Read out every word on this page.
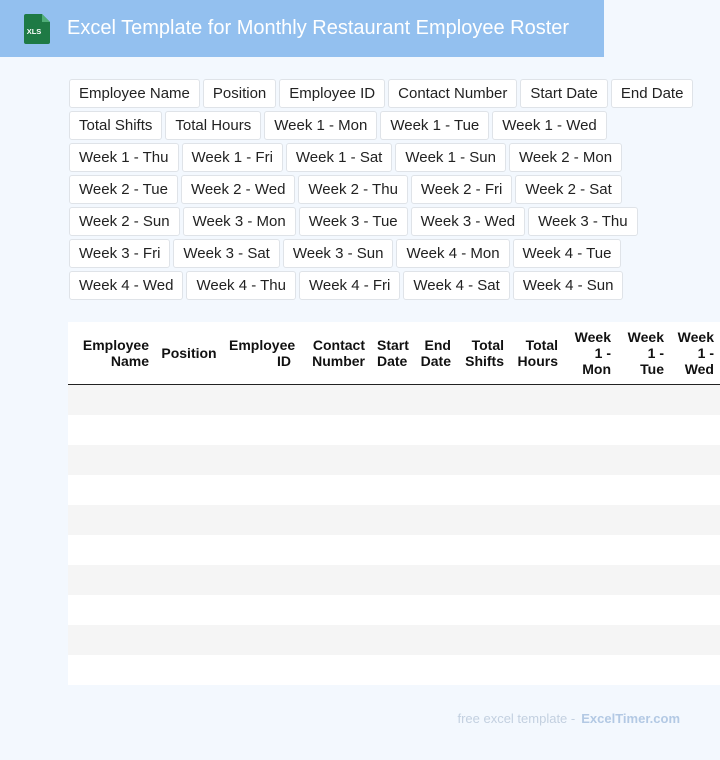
XLS Excel Template for Monthly Restaurant Employee Roster
Employee Name	Position	Employee ID	Contact Number	Start Date	End Date
Total Shifts	Total Hours	Week 1 - Mon	Week 1 - Tue	Week 1 - Wed
Week 1 - Thu	Week 1 - Fri	Week 1 - Sat	Week 1 - Sun	Week 2 - Mon
Week 2 - Tue	Week 2 - Wed	Week 2 - Thu	Week 2 - Fri	Week 2 - Sat
Week 2 - Sun	Week 3 - Mon	Week 3 - Tue	Week 3 - Wed	Week 3 - Thu
Week 3 - Fri	Week 3 - Sat	Week 3 - Sun	Week 4 - Mon	Week 4 - Tue
Week 4 - Wed	Week 4 - Thu	Week 4 - Fri	Week 4 - Sat	Week 4 - Sun
Employee Name	Position	Employee ID	Contact Number	Start Date	End Date	Total Shifts	Total Hours	Week 1 - Mon	Week 1 - Tue	Week 1 - Wed

free excel template - ExcelTimer.com
